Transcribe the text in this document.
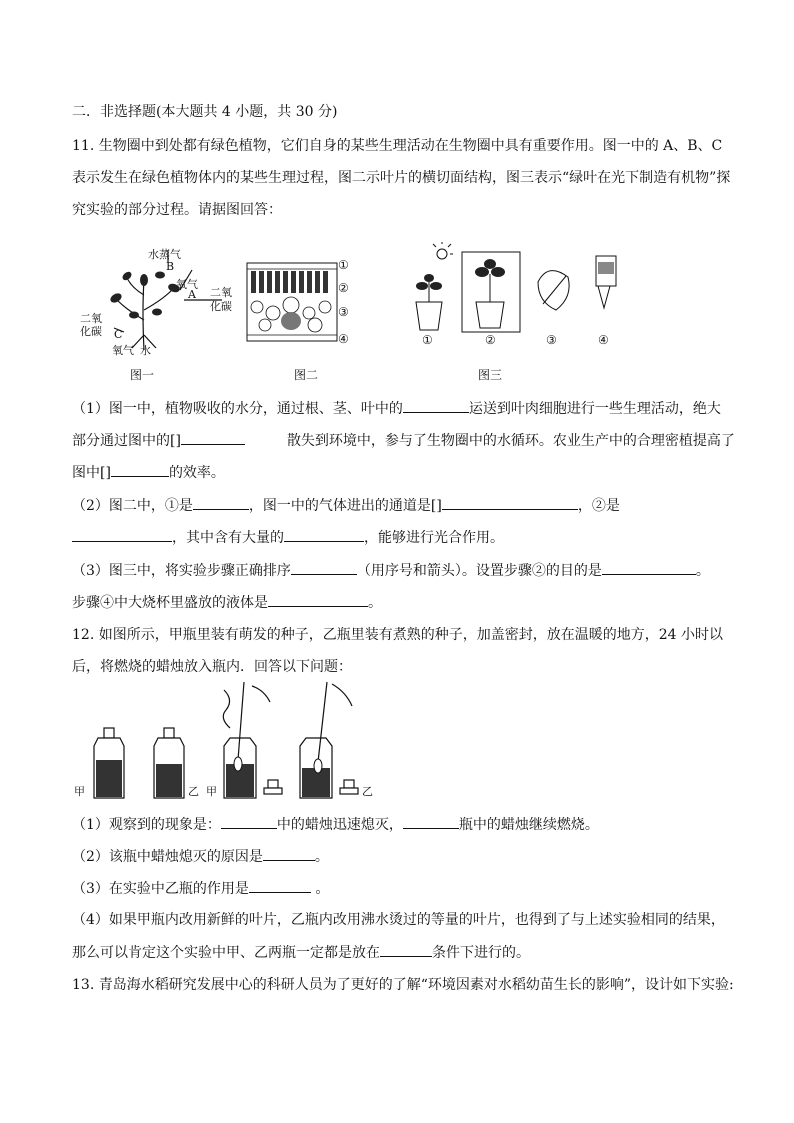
二．非选择题(本大题共 4 小题，共 30 分)
11. 生物圈中到处都有绿色植物，它们自身的某些生理活动在生物圈中具有重要作用。图一中的 A、B、C
表示发生在绿色植物体内的某些生理过程，图二示叶片的横切面结构，图三表示“绿叶在光下制造有机物”探
究实验的部分过程。请据图回答：
水蒸气
B
氧气
A 二氧
化碳
二氧
化碳 C
氧气 水
图一
①
②
③
④
图二
①	②	③	④
图三
（1）图一中，植物吸收的水分，通过根、茎、叶中的	运送到叶肉细胞进行一些生理活动，绝大
部分通过图中的[]	散失到环境中，参与了生物圈中的水循环。农业生产中的合理密植提高了
图中[]	的效率。
（2）图二中，①是	，图一中的气体进出的通道是[]	，②是
，其中含有大量的	，能够进行光合作用。
（3）图三中，将实验步骤正确排序	（用序号和箭头）。设置步骤②的目的是	。
步骤④中大烧杯里盛放的液体是	。
12. 如图所示，甲瓶里装有萌发的种子，乙瓶里装有煮熟的种子，加盖密封，放在温暖的地方，24 小时以
后，将燃烧的蜡烛放入瓶内．回答以下问题：
甲	乙 甲	乙
（1）观察到的现象是：	中的蜡烛迅速熄灭，	瓶中的蜡烛继续燃烧。
（2）该瓶中蜡烛熄灭的原因是	。
（3）在实验中乙瓶的作用是	。
（4）如果甲瓶内改用新鲜的叶片，乙瓶内改用沸水烫过的等量的叶片，也得到了与上述实验相同的结果，
那么可以肯定这个实验中甲、乙两瓶一定都是放在	条件下进行的。
13. 青岛海水稻研究发展中心的科研人员为了更好的了解“环境因素对水稻幼苗生长的影响”，设计如下实验:
